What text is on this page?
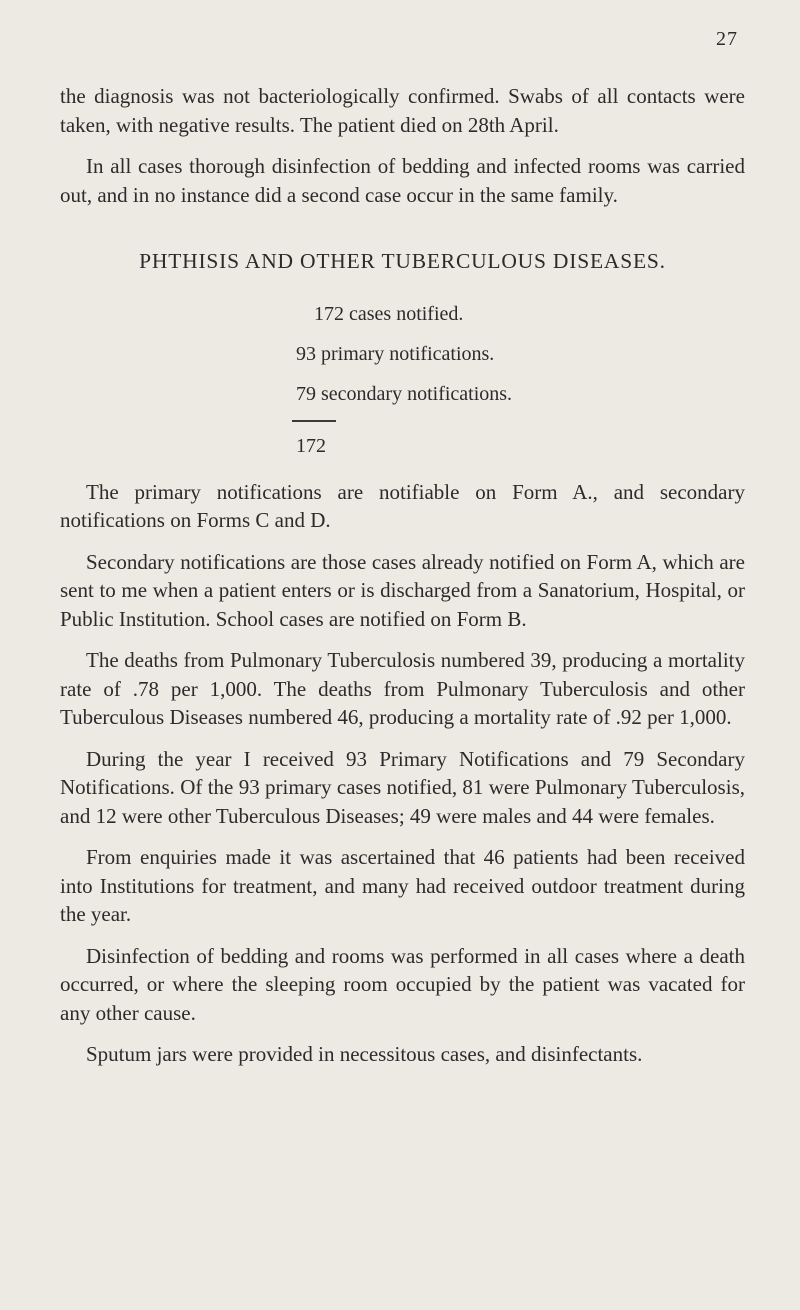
27

the diagnosis was not bacteriologically confirmed. Swabs of all contacts were taken, with negative results. The patient died on 28th April.

In all cases thorough disinfection of bedding and infected rooms was carried out, and in no instance did a second case occur in the same family.

PHTHISIS AND OTHER TUBERCULOUS DISEASES.
172 cases notified.
93 primary notifications.
79 secondary notifications.
172

The primary notifications are notifiable on Form A., and secondary notifications on Forms C and D.

Secondary notifications are those cases already notified on Form A, which are sent to me when a patient enters or is discharged from a Sanatorium, Hospital, or Public Institution. School cases are notified on Form B.

The deaths from Pulmonary Tuberculosis numbered 39, producing a mortality rate of .78 per 1,000. The deaths from Pulmonary Tuberculosis and other Tuberculous Diseases numbered 46, producing a mortality rate of .92 per 1,000.

During the year I received 93 Primary Notifications and 79 Secondary Notifications. Of the 93 primary cases notified, 81 were Pulmonary Tuberculosis, and 12 were other Tuberculous Diseases; 49 were males and 44 were females.

From enquiries made it was ascertained that 46 patients had been received into Institutions for treatment, and many had received outdoor treatment during the year.

Disinfection of bedding and rooms was performed in all cases where a death occurred, or where the sleeping room occupied by the patient was vacated for any other cause.

Sputum jars were provided in necessitous cases, and disinfectants.
